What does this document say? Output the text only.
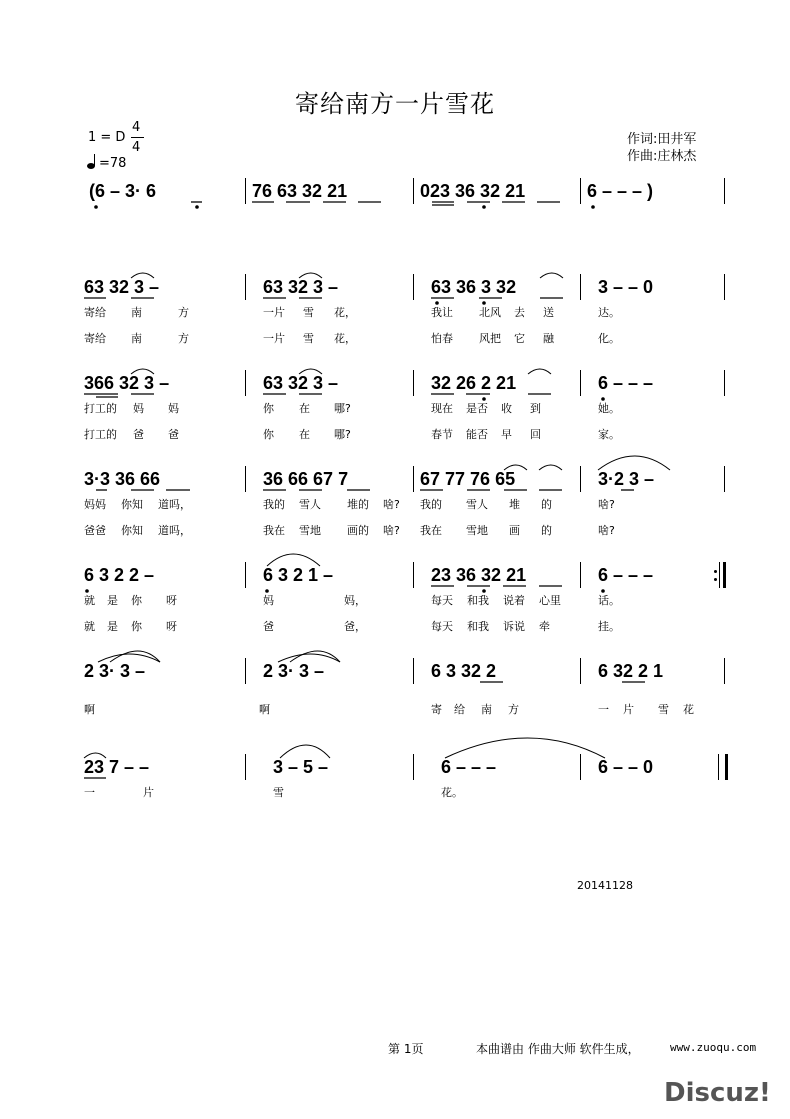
寄给南方一片雪花
1 = D
4
4
=78
作词:田井军
作曲:庄林杰
(6 – 3· 6	76 63 32 21	023 36 32 21	6 – – – )
63 32 3 –	63 32 3 –	63 36 3 32	3 – – 0
寄给 南	方	一片 雪 花，	我让 北风 去 送	达。
寄给 南	方	一片 雪 花，	怕春 风把 它 融	化。
366 32 3 –	63 32 3 –	32 26 2 21	6 – – –
打工的 妈 妈	你 在 哪?	现在 是否 收 到	她。
打工的 爸 爸	你 在 哪?	春节 能否 早 回	家。
3·3 36 66	36 66 67 7	67 77 76 65	3·2 3 –
妈妈 你知 道吗，	我的 雪人 堆的 啥? 我的 雪人 堆 的	啥?
爸爸 你知 道吗，	我在 雪地 画的 啥? 我在 雪地 画 的	啥?
6 3 2 2 –	6 3 2 1 –	23 36 32 21	6 – – –
就 是 你 呀	妈	妈，	每天 和我 说着 心里	话。
就 是 你 呀	爸	爸，	每天 和我 诉说 牵	挂。
2 3· 3 –	2 3· 3 –	6 3 32 2	6 32 2 1
啊	啊	寄 给 南 方	一 片 雪 花
23 7 – –	3 – 5 –	6 – – –	6 – – 0
一	片	雪	花。
20141128
第 1页	本曲谱由 作曲大师 软件生成，	www.zuoqu.com
Discuz!
